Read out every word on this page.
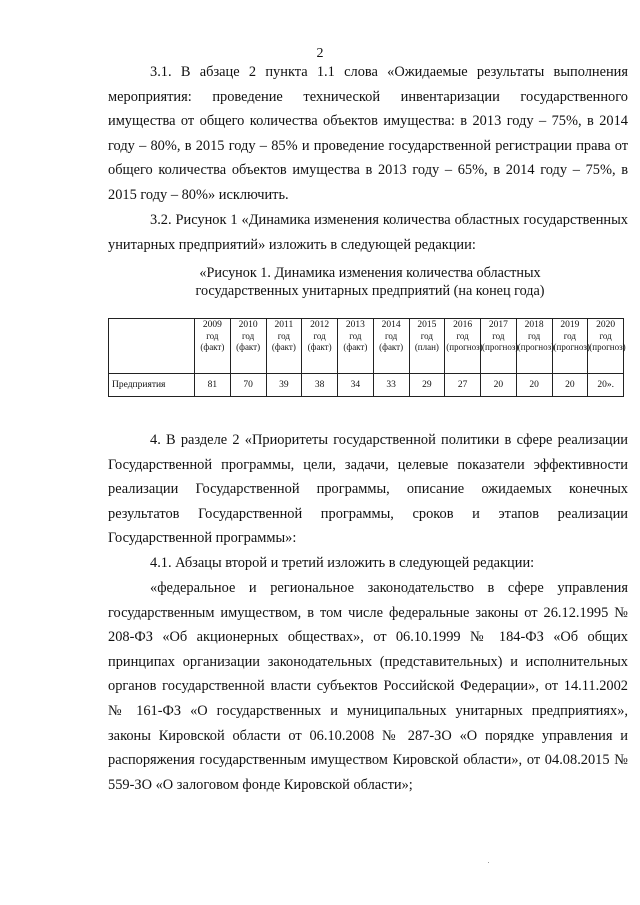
2
3.1. В абзаце 2 пункта 1.1 слова «Ожидаемые результаты выполнения мероприятия: проведение технической инвентаризации государственного имущества от общего количества объектов имущества: в 2013 году – 75%, в 2014 году – 80%, в 2015 году – 85% и проведение государственной регистрации права от общего количества объектов имущества в 2013 году – 65%, в 2014 году – 75%, в 2015 году – 80%» исключить.
3.2. Рисунок 1 «Динамика изменения количества областных государственных унитарных предприятий» изложить в следующей редакции:
«Рисунок 1. Динамика изменения количества областных государственных унитарных предприятий (на конец года)

	2009
год
(факт)	2010
год
(факт)	2011
год
(факт)	2012
год
(факт)	2013
год
(факт)	2014
год
(факт)	2015
год
(план)	2016
год
(прогноз)	2017
год
(прогноз)	2018
год
(прогноз)	2019
год
(прогноз)	2020
год
(прогноз)

Предприятия	81	70	39	38	34	33	29	27	20	20	20	20».
4. В разделе 2 «Приоритеты государственной политики в сфере реализации Государственной программы, цели, задачи, целевые показатели эффективности реализации Государственной программы, описание ожидаемых конечных результатов Государственной программы, сроков и этапов реализации Государственной программы»:
4.1. Абзацы второй и третий изложить в следующей редакции:
«федеральное и региональное законодательство в сфере управления государственным имуществом, в том числе федеральные законы от 26.12.1995 № 208-ФЗ «Об акционерных обществах», от 06.10.1999 № 184-ФЗ «Об общих принципах организации законодательных (представительных) и исполнительных органов государственной власти субъектов Российской Федерации», от 14.11.2002 № 161-ФЗ «О государственных и муниципальных унитарных предприятиях», законы Кировской области от 06.10.2008 № 287-ЗО «О порядке управления и распоряжения государственным имуществом Кировской области», от 04.08.2015 № 559-ЗО «О залоговом фонде Кировской области»;
